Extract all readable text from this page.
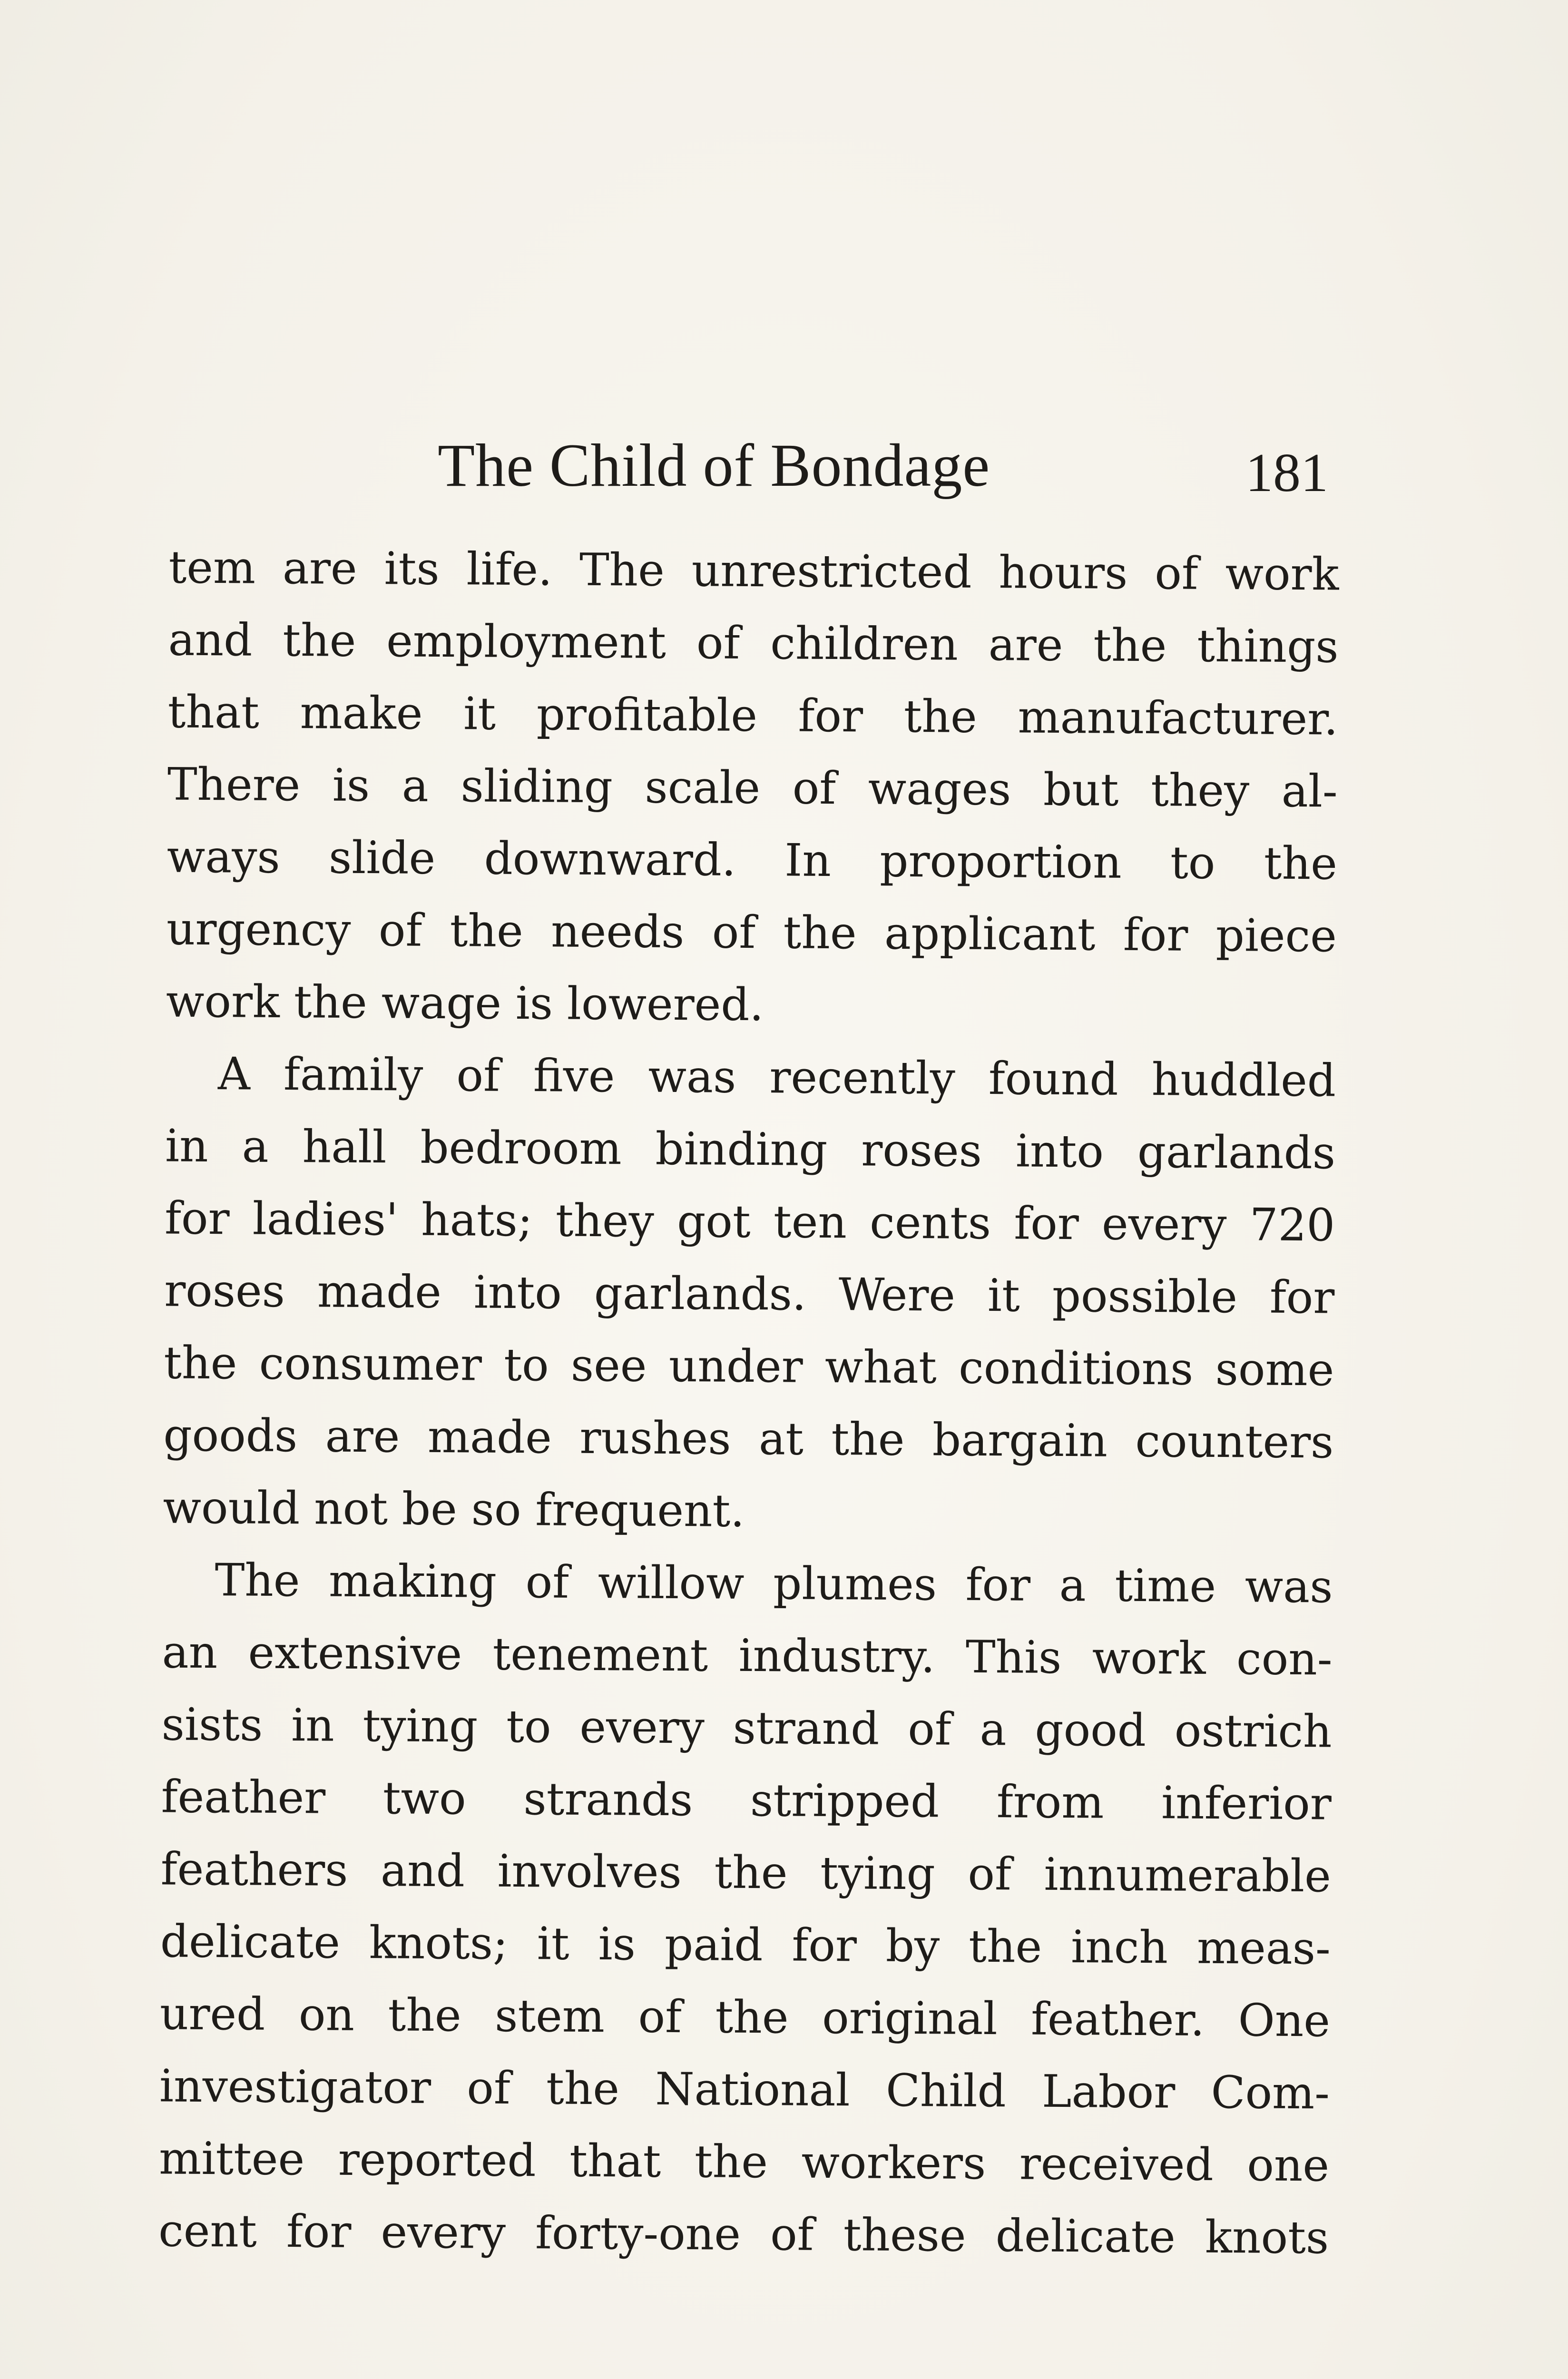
The Child of Bondage	181
tem are its life. The unrestricted hours of work
and the employment of children are the things
that make it profitable for the manufacturer.
There is a sliding scale of wages but they al-
ways slide downward. In proportion to the
urgency of the needs of the applicant for piece
work the wage is lowered.
A family of five was recently found huddled
in a hall bedroom binding roses into garlands
for ladies' hats; they got ten cents for every 720
roses made into garlands. Were it possible for
the consumer to see under what conditions some
goods are made rushes at the bargain counters
would not be so frequent.
The making of willow plumes for a time was
an extensive tenement industry. This work con-
sists in tying to every strand of a good ostrich
feather two strands stripped from inferior
feathers and involves the tying of innumerable
delicate knots; it is paid for by the inch meas-
ured on the stem of the original feather. One
investigator of the National Child Labor Com-
mittee reported that the workers received one
cent for every forty-one of these delicate knots
